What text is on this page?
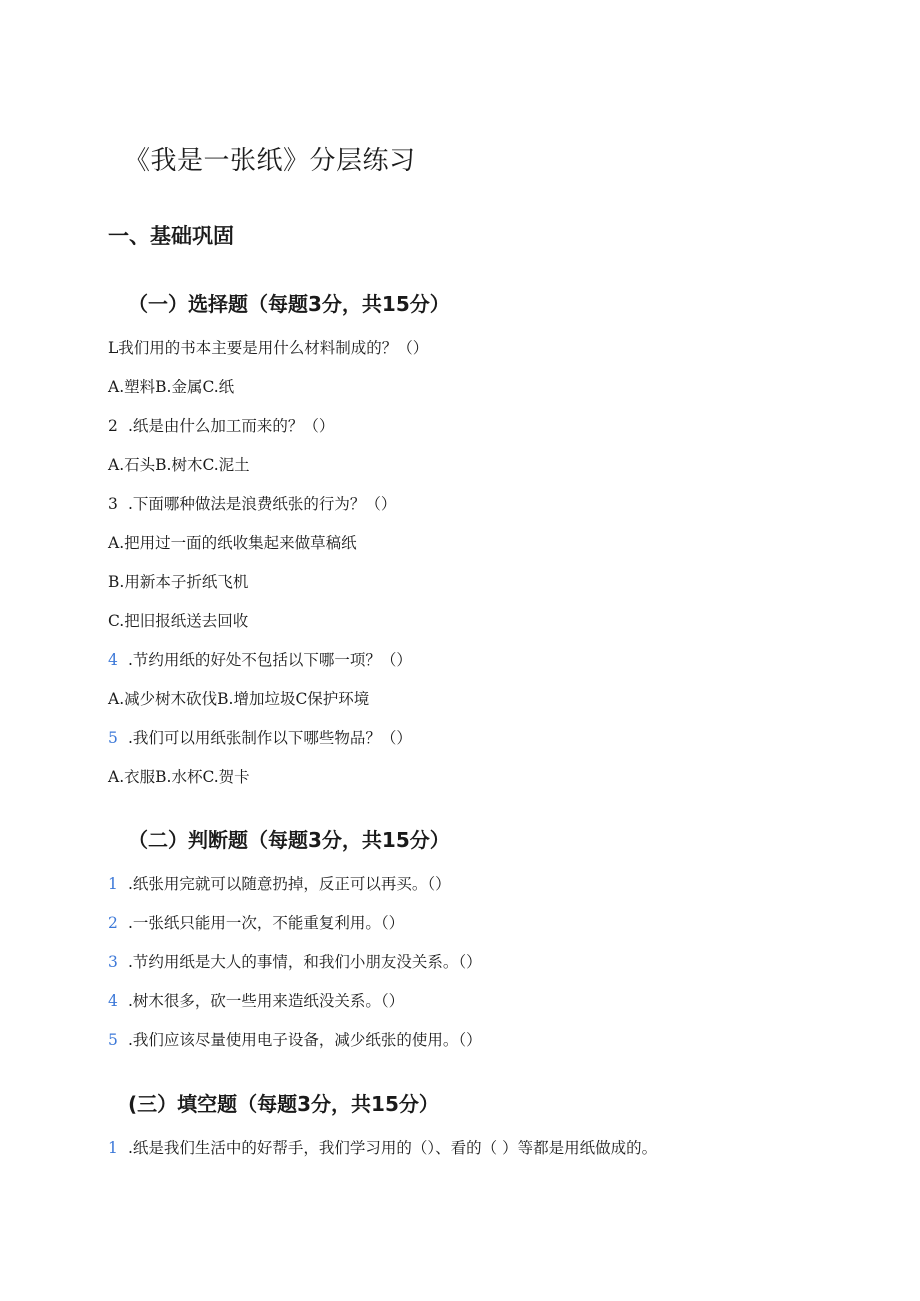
《我是一张纸》分层练习
一、基础巩固
（一）选择题（每题3分，共15分）
L我们用的书本主要是用什么材料制成的？（）
A.塑料B.金属C.纸
2 .纸是由什么加工而来的？（）
A.石头B.树木C.泥土
3 .下面哪种做法是浪费纸张的行为？（）
A.把用过一面的纸收集起来做草稿纸
B.用新本子折纸飞机
C.把旧报纸送去回收
4 .节约用纸的好处不包括以下哪一项？（）
A.减少树木砍伐B.增加垃圾C保护环境
5 .我们可以用纸张制作以下哪些物品？（）
A.衣服B.水杯C.贺卡
（二）判断题（每题3分，共15分）
1 .纸张用完就可以随意扔掉，反正可以再买。（）
2 .一张纸只能用一次，不能重复利用。（）
3 .节约用纸是大人的事情，和我们小朋友没关系。（）
4 .树木很多，砍一些用来造纸没关系。（）
5 .我们应该尽量使用电子设备，减少纸张的使用。（）
(三）填空题（每题3分，共15分）
1 .纸是我们生活中的好帮手，我们学习用的（）、看的（ ）等都是用纸做成的。
